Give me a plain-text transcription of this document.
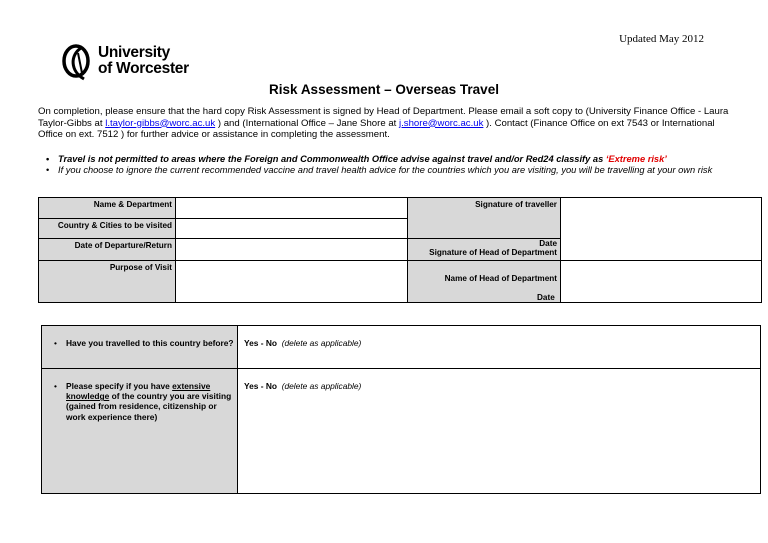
Updated May 2012
University
of Worcester
Risk Assessment – Overseas Travel
On completion, please ensure that the hard copy Risk Assessment is signed by Head of Department. Please email a soft copy to (University Finance Office - Laura Taylor-Gibbs at l.taylor-gibbs@worc.ac.uk ) and (International Office – Jane Shore at j.shore@worc.ac.uk ). Contact (Finance Office on ext 7543 or International Office on ext. 7512 ) for further advice or assistance in completing the assessment.
• Travel is not permitted to areas where the Foreign and Commonwealth Office advise against travel and/or Red24 classify as ‘Extreme risk’
• If you choose to ignore the current recommended vaccine and travel health advice for the countries which you are visiting, you will be travelling at your own risk
Name & Department		Signature of traveller	
Country & Cities to be visited			
Date of Departure/Return		Date
Signature of Head of Department	

Purpose of Visit		Name of Head of Department	
Date
• Have you travelled to this country before?	Yes - No (delete as applicable)

• Please specify if you have extensive knowledge of the country you are visiting (gained from residence, citizenship or work experience there)	Yes - No (delete as applicable)
